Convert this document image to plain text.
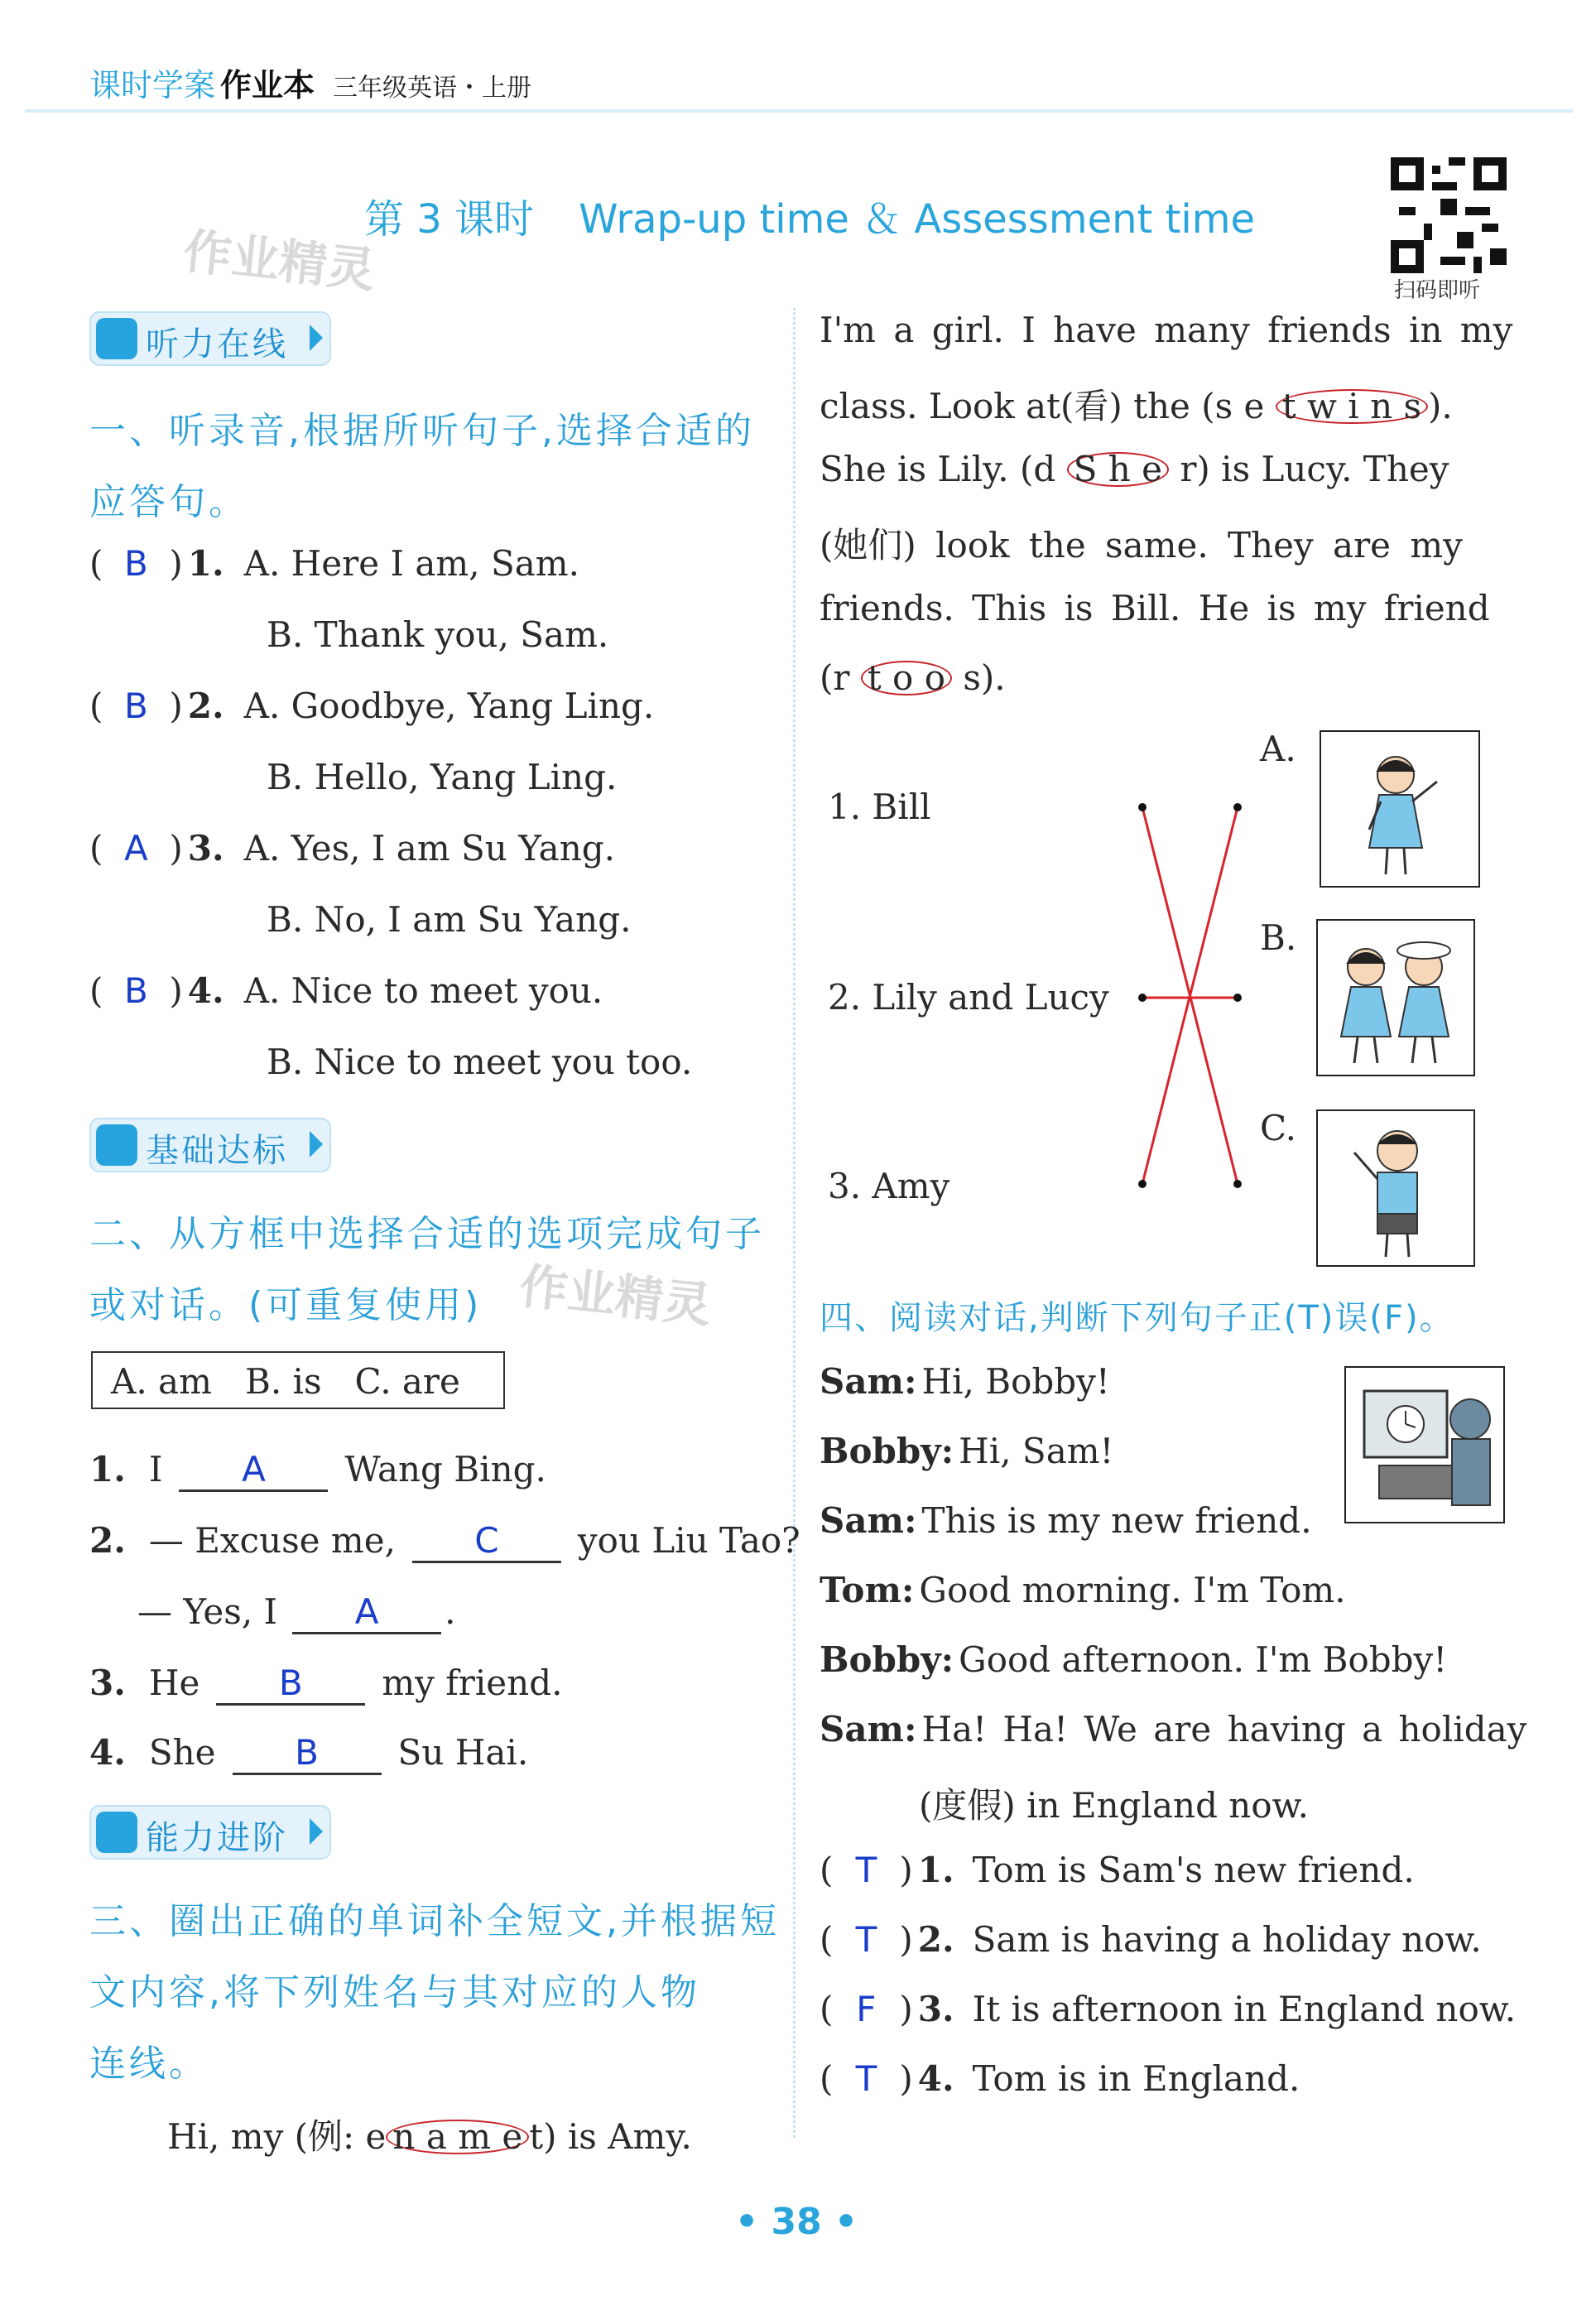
课时学案 作业本 三年级英语・上册
第 3 课时 Wrap-up time ＆ Assessment time
作业精灵	扫码即听
听力在线
一、听录音,根据所听句子,选择合适的
应答句。
( B ) 1. A. Here I am, Sam.
B. Thank you, Sam.
( B ) 2. A. Goodbye, Yang Ling.
B. Hello, Yang Ling.
( A ) 3. A. Yes, I am Su Yang.
B. No, I am Su Yang.
( B ) 4. A. Nice to meet you.
B. Nice to meet you too.
基础达标
二、从方框中选择合适的选项完成句子
或对话。(可重复使用) 作业精灵
A. am   B. is   C. are
1. I A Wang Bing.
2. — Excuse me, C you Liu Tao?
— Yes, I A .
3. He B my friend.
4. She B Su Hai.
能力进阶
三、圈出正确的单词补全短文,并根据短
文内容,将下列姓名与其对应的人物
连线。
Hi, my (例: e n a m e t) is Amy.
I'm a girl. I have many friends in my
class. Look at(看) the (s e t w i n s ).
She is Lily. (d S h e r) is Lucy. They
(她们) look the same. They are my
friends. This is Bill. He is my friend
(r t o o s).
1. Bill
2. Lily and Lucy
3. Amy
A.
B.
C.
四、阅读对话,判断下列句子正(T)误(F)。
Sam: Hi, Bobby!
Bobby: Hi, Sam!
Sam: This is my new friend.
Tom: Good morning. I'm Tom.
Bobby: Good afternoon. I'm Bobby!
Sam: Ha! Ha! We are having a holiday
(度假) in England now.
( T ) 1. Tom is Sam's new friend.
( T ) 2. Sam is having a holiday now.
( F ) 3. It is afternoon in England now.
( T ) 4. Tom is in England.
• 38 •
